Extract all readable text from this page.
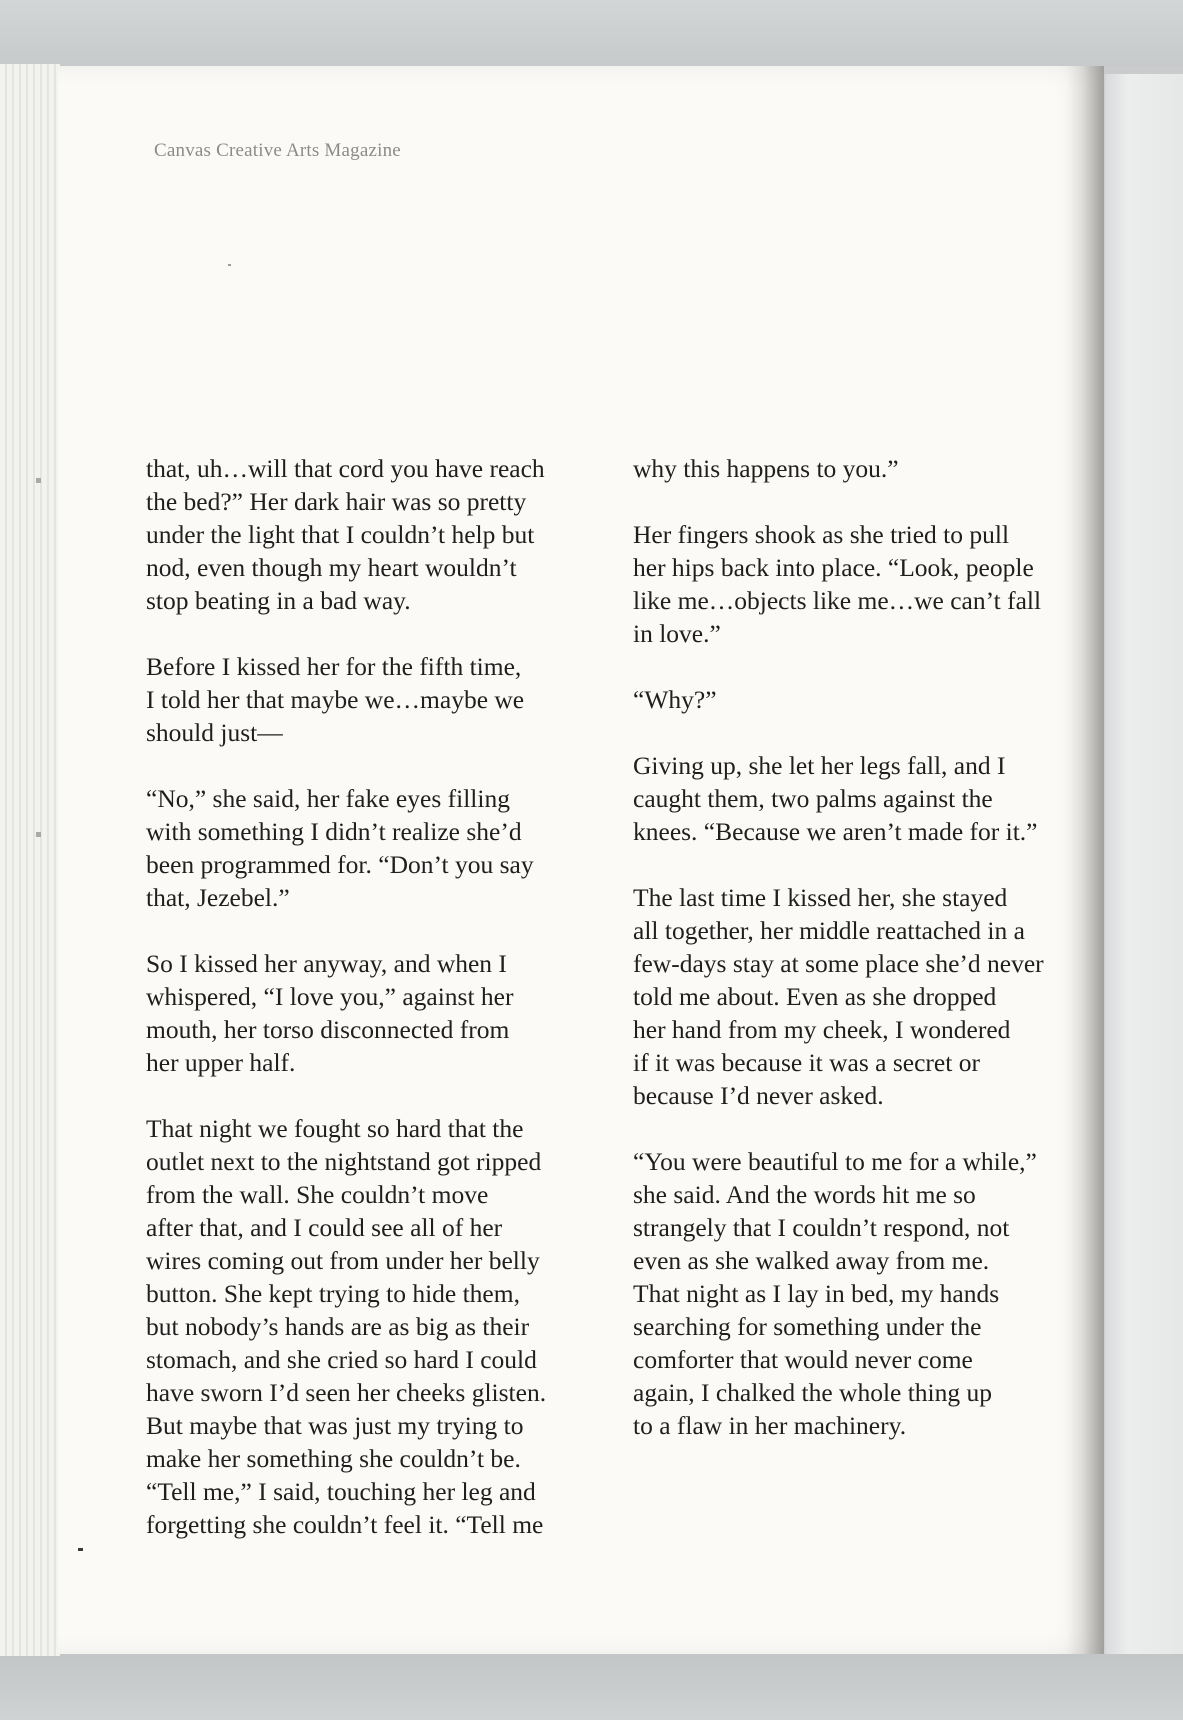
Canvas Creative Arts Magazine

that, uh…will that cord you have reach
the bed?” Her dark hair was so pretty
under the light that I couldn’t help but
nod, even though my heart wouldn’t
stop beating in a bad way.

Before I kissed her for the fifth time,
I told her that maybe we…maybe we
should just—

“No,” she said, her fake eyes filling
with something I didn’t realize she’d
been programmed for. “Don’t you say
that, Jezebel.”

So I kissed her anyway, and when I
whispered, “I love you,” against her
mouth, her torso disconnected from
her upper half.

That night we fought so hard that the
outlet next to the nightstand got ripped
from the wall. She couldn’t move
after that, and I could see all of her
wires coming out from under her belly
button. She kept trying to hide them,
but nobody’s hands are as big as their
stomach, and she cried so hard I could
have sworn I’d seen her cheeks glisten.
But maybe that was just my trying to
make her something she couldn’t be.
“Tell me,” I said, touching her leg and
forgetting she couldn’t feel it. “Tell me

why this happens to you.”

Her fingers shook as she tried to pull
her hips back into place. “Look, people
like me…objects like me…we can’t fall
in love.”

“Why?”

Giving up, she let her legs fall, and I
caught them, two palms against the
knees. “Because we aren’t made for it.”

The last time I kissed her, she stayed
all together, her middle reattached in a
few-days stay at some place she’d never
told me about. Even as she dropped
her hand from my cheek, I wondered
if it was because it was a secret or
because I’d never asked.

“You were beautiful to me for a while,”
she said. And the words hit me so
strangely that I couldn’t respond, not
even as she walked away from me.
That night as I lay in bed, my hands
searching for something under the
comforter that would never come
again, I chalked the whole thing up
to a flaw in her machinery.
